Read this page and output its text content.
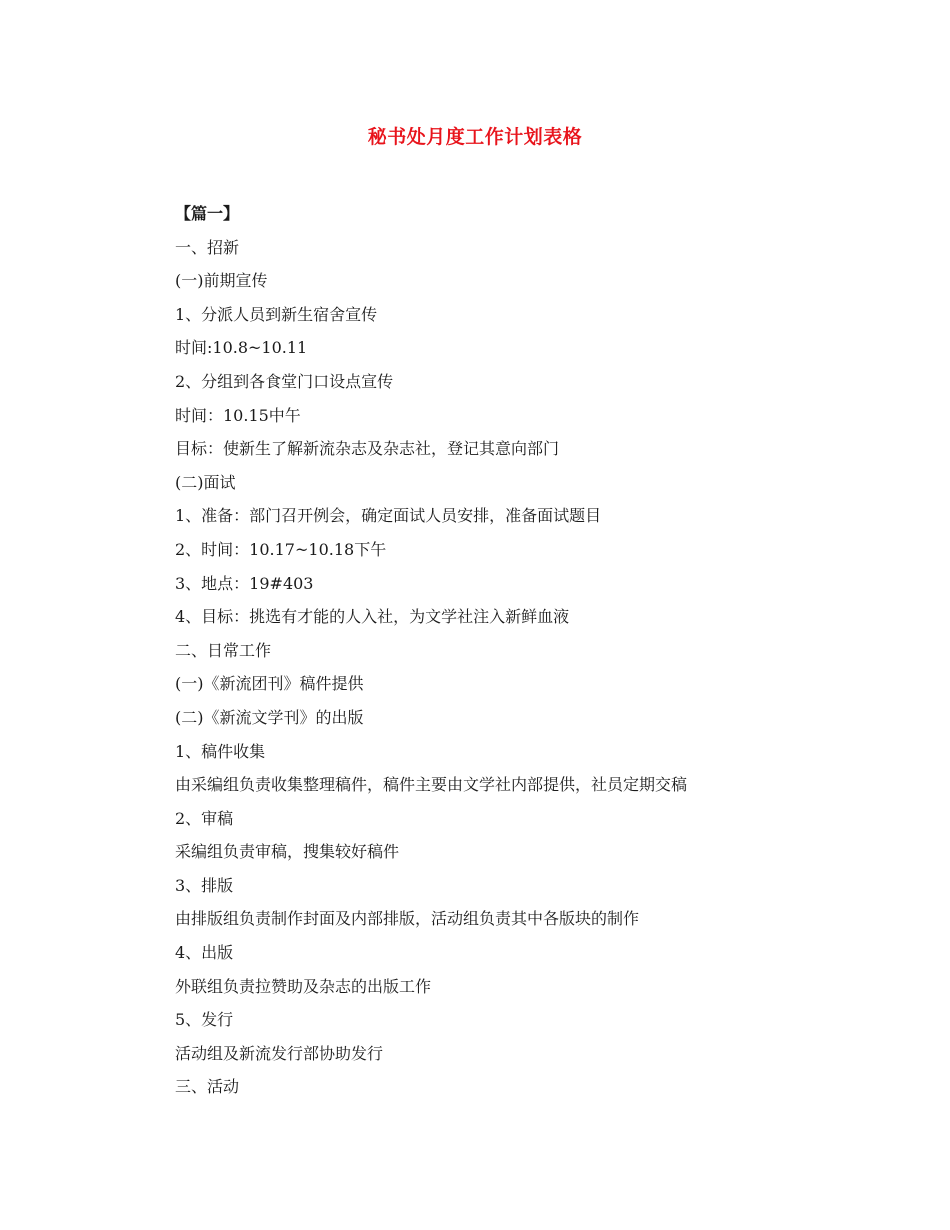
秘书处月度工作计划表格
【篇一】
一、招新
(一)前期宣传
1、分派人员到新生宿舍宣传
时间:10.8~10.11
2、分组到各食堂门口设点宣传
时间：10.15中午
目标：使新生了解新流杂志及杂志社，登记其意向部门
(二)面试
1、准备：部门召开例会，确定面试人员安排，准备面试题目
2、时间：10.17~10.18下午
3、地点：19#403
4、目标：挑选有才能的人入社，为文学社注入新鲜血液
二、日常工作
(一)《新流团刊》稿件提供
(二)《新流文学刊》的出版
1、稿件收集
由采编组负责收集整理稿件，稿件主要由文学社内部提供，社员定期交稿
2、审稿
采编组负责审稿，搜集较好稿件
3、排版
由排版组负责制作封面及内部排版，活动组负责其中各版块的制作
4、出版
外联组负责拉赞助及杂志的出版工作
5、发行
活动组及新流发行部协助发行
三、活动
